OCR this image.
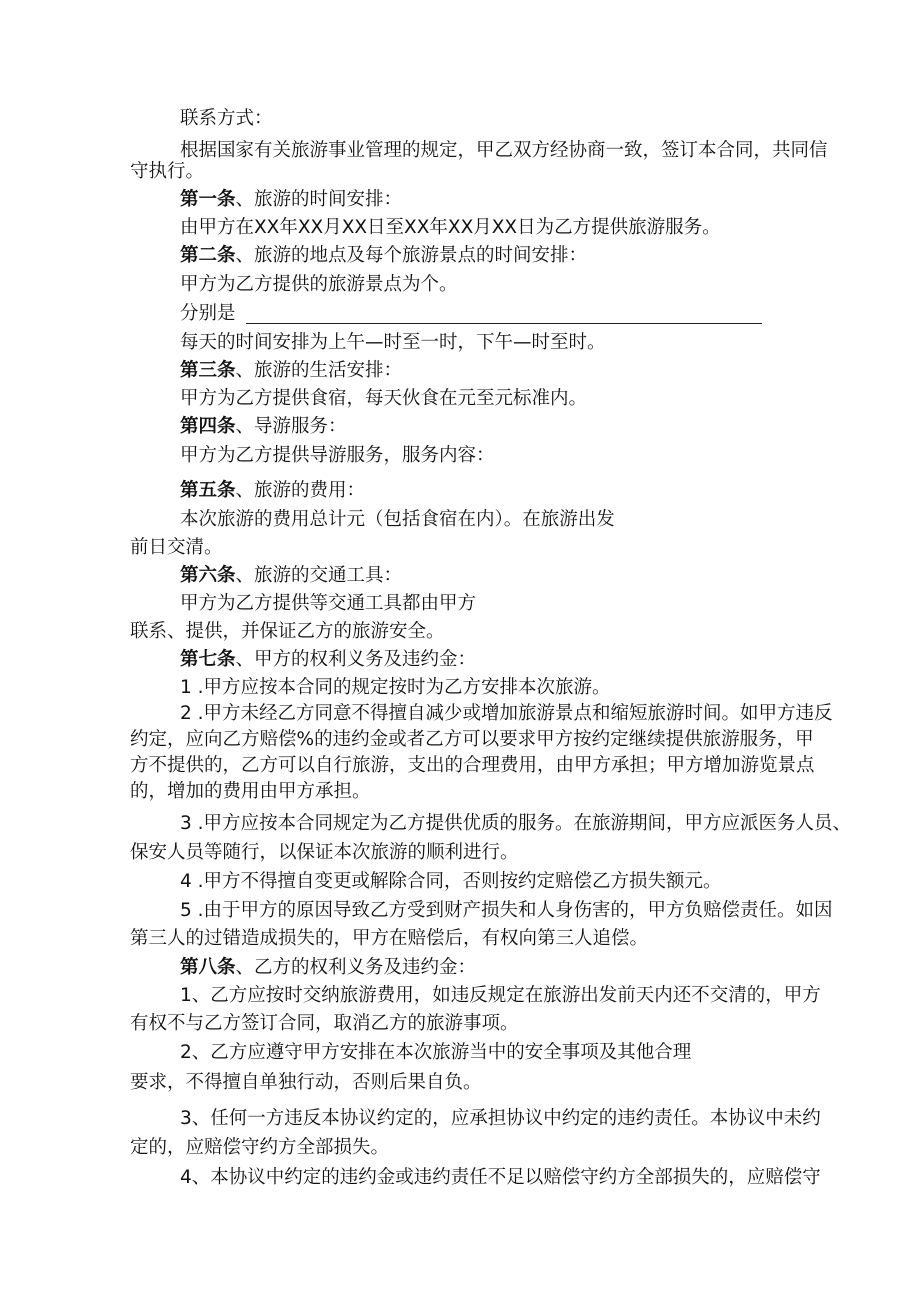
联系方式：

根据国家有关旅游事业管理的规定，甲乙双方经协商一致，签订本合同，共同信

守执行。

第一条、旅游的时间安排：

由甲方在XX年XX月XX日至XX年XX月XX日为乙方提供旅游服务。

第二条、旅游的地点及每个旅游景点的时间安排：

甲方为乙方提供的旅游景点为个。

分别是

每天的时间安排为上午—时至一时，下午—时至时。

第三条、旅游的生活安排：

甲方为乙方提供食宿，每天伙食在元至元标准内。

第四条、导游服务：

甲方为乙方提供导游服务，服务内容：

第五条、旅游的费用：

本次旅游的费用总计元（包括食宿在内）。在旅游出发

前日交清。

第六条、旅游的交通工具：

甲方为乙方提供等交通工具都由甲方

联系、提供，并保证乙方的旅游安全。

第七条、甲方的权利义务及违约金：

1 .甲方应按本合同的规定按时为乙方安排本次旅游。

2 .甲方未经乙方同意不得擅自减少或增加旅游景点和缩短旅游时间。如甲方违反

约定，应向乙方赔偿%的违约金或者乙方可以要求甲方按约定继续提供旅游服务，甲

方不提供的，乙方可以自行旅游，支出的合理费用，由甲方承担；甲方增加游览景点

的，增加的费用由甲方承担。

3 .甲方应按本合同规定为乙方提供优质的服务。在旅游期间，甲方应派医务人员、

保安人员等随行，以保证本次旅游的顺利进行。

4 .甲方不得擅自变更或解除合同，否则按约定赔偿乙方损失额元。

5 .由于甲方的原因导致乙方受到财产损失和人身伤害的，甲方负赔偿责任。如因

第三人的过错造成损失的，甲方在赔偿后，有权向第三人追偿。

第八条、乙方的权利义务及违约金：

1、乙方应按时交纳旅游费用，如违反规定在旅游出发前天内还不交清的，甲方

有权不与乙方签订合同，取消乙方的旅游事项。

2、乙方应遵守甲方安排在本次旅游当中的安全事项及其他合理

要求，不得擅自单独行动，否则后果自负。

3、任何一方违反本协议约定的，应承担协议中约定的违约责任。本协议中未约

定的，应赔偿守约方全部损失。

4、本协议中约定的违约金或违约责任不足以赔偿守约方全部损失的，应赔偿守
